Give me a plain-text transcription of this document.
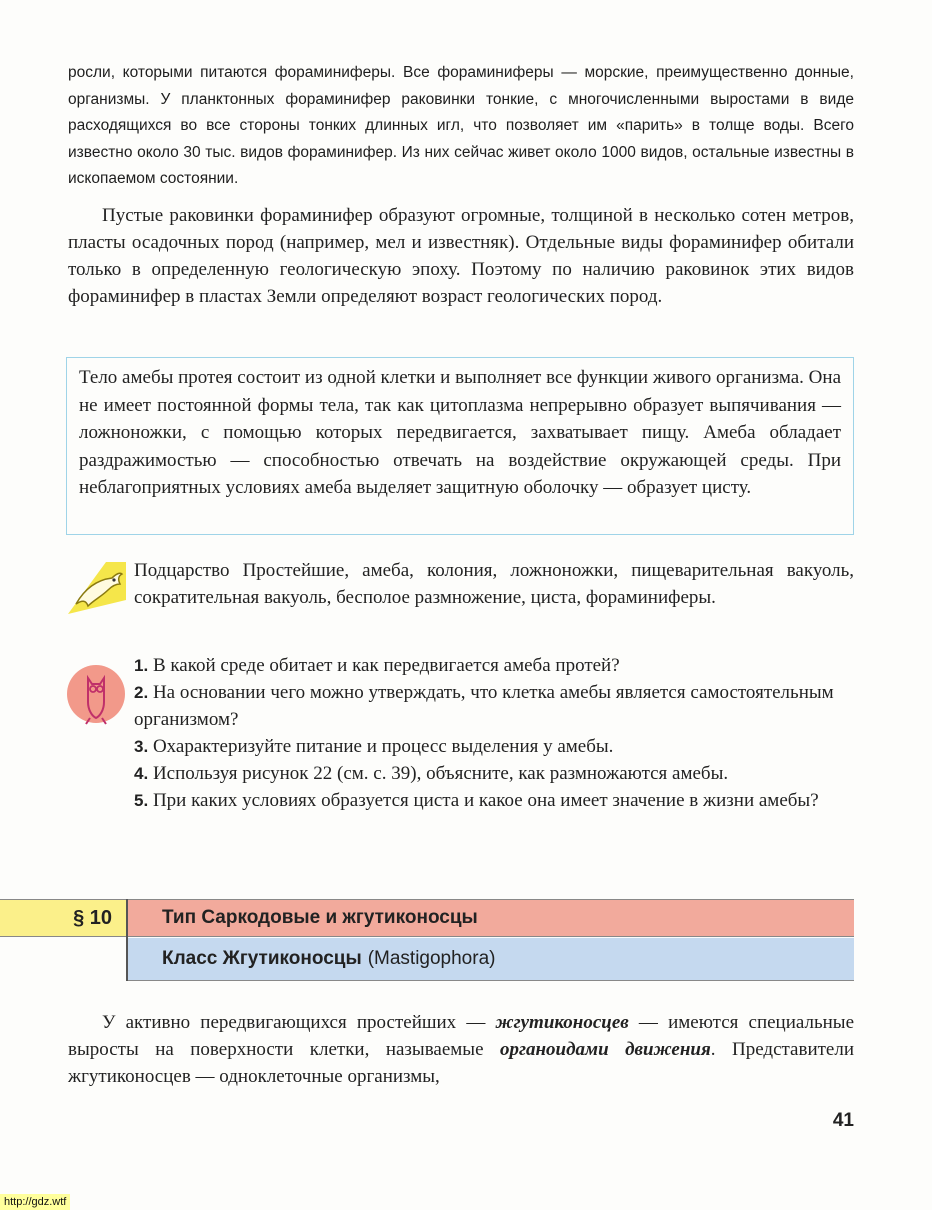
росли, которыми питаются фораминиферы. Все фораминиферы — морские, преимущественно донные, организмы. У планктонных фораминифер раковинки тонкие, с многочисленными выростами в виде расходящихся во все стороны тонких длинных игл, что позволяет им «парить» в толще воды. Всего известно около 30 тыс. видов фораминифер. Из них сейчас живет около 1000 видов, остальные известны в ископаемом состоянии.

Пустые раковинки фораминифер образуют огромные, толщиной в несколько сотен метров, пласты осадочных пород (например, мел и известняк). Отдельные виды фораминифер обитали только в определенную геологическую эпоху. Поэтому по наличию раковинок этих видов фораминифер в пластах Земли определяют возраст геологических пород.

Тело амебы протея состоит из одной клетки и выполняет все функции живого организма. Она не имеет постоянной формы тела, так как цитоплазма непрерывно образует выпячивания — ложноножки, с помощью которых передвигается, захватывает пищу. Амеба обладает раздражимостью — способностью отвечать на воздействие окружающей среды. При неблагоприятных условиях амеба выделяет защитную оболочку — образует цисту.

Подцарство Простейшие, амеба, колония, ложноножки, пищеварительная вакуоль, сократительная вакуоль, бесполое размножение, циста, фораминиферы.

1. В какой среде обитает и как передвигается амеба протей?
2. На основании чего можно утверждать, что клетка амебы является самостоятельным организмом?
3. Охарактеризуйте питание и процесс выделения у амебы.
4. Используя рисунок 22 (см. с. 39), объясните, как размножаются амебы.
5. При каких условиях образуется циста и какое она имеет значение в жизни амебы?
§ 10	Тип Саркодовые и жгутиконосцы
Класс Жгутиконосцы (Mastigophora)

У активно передвигающихся простейших — жгутиконосцев — имеются специальные выросты на поверхности клетки, называемые органоидами движения. Представители жгутиконосцев — одноклеточные организмы,

41
http://gdz.wtf
